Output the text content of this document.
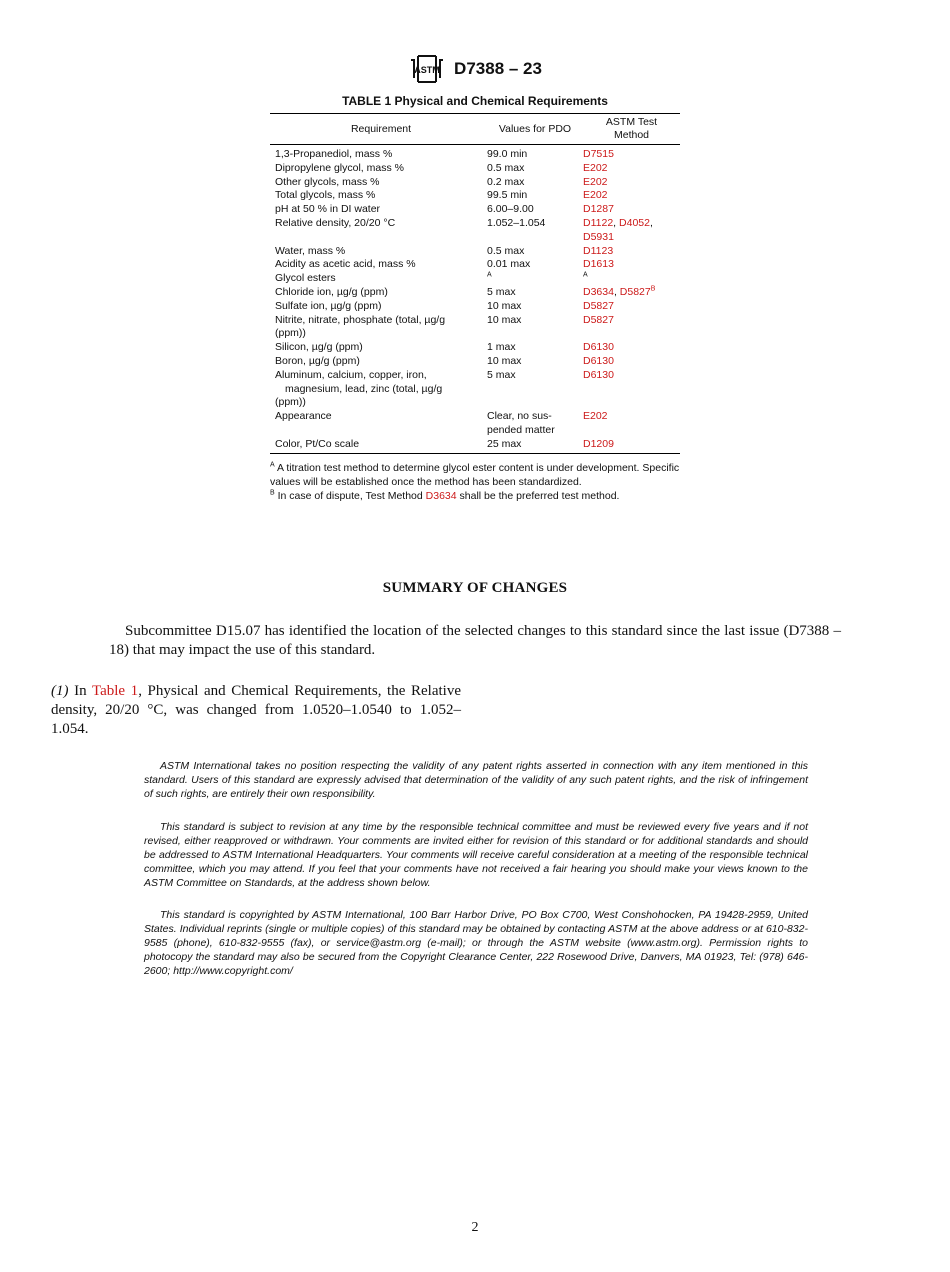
ASTM D7388 – 23
TABLE 1 Physical and Chemical Requirements
Requirement	Values for PDO	ASTM Test
Method
1,3-Propanediol, mass %	99.0 min	D7515
Dipropylene glycol, mass %	0.5 max	E202
Other glycols, mass %	0.2 max	E202
Total glycols, mass %	99.5 min	E202
pH at 50 % in DI water	6.00–9.00	D1287
Relative density, 20/20 °C	1.052–1.054	D1122, D4052,
D5931
Water, mass %	0.5 max	D1123
Acidity as acetic acid, mass %	0.01 max	D1613
Glycol esters	$^A$	$^A$
Chloride ion, µg/g (ppm)	5 max	D3634, $D5827^B$
Sulfate ion, µg/g (ppm)	10 max	D5827
Nitrite, nitrate, phosphate (total, µg/g
(ppm))	10 max	D5827
Silicon, µg/g (ppm)	1 max	D6130
Boron, µg/g (ppm)	10 max	D6130
Aluminum, calcium, copper, iron,
magnesium, lead, zinc (total, µg/g
(ppm))	5 max	D6130
Appearance	Clear, no sus-
pended matter	E202
Color, Pt/Co scale	25 max	D1209
$^A$ A titration test method to determine glycol ester content is under development. Specific values will be established once the method has been standardized.
$^B$ In case of dispute, Test Method D3634 shall be the preferred test method.
SUMMARY OF CHANGES
Subcommittee D15.07 has identified the location of the selected changes to this standard since the last issue (D7388 – 18) that may impact the use of this standard.
(1) In Table 1, Physical and Chemical Requirements, the Relative density, 20/20 °C, was changed from 1.0520–1.0540 to 1.052–1.054.
ASTM International takes no position respecting the validity of any patent rights asserted in connection with any item mentioned in this standard. Users of this standard are expressly advised that determination of the validity of any such patent rights, and the risk of infringement of such rights, are entirely their own responsibility.
This standard is subject to revision at any time by the responsible technical committee and must be reviewed every five years and if not revised, either reapproved or withdrawn. Your comments are invited either for revision of this standard or for additional standards and should be addressed to ASTM International Headquarters. Your comments will receive careful consideration at a meeting of the responsible technical committee, which you may attend. If you feel that your comments have not received a fair hearing you should make your views known to the ASTM Committee on Standards, at the address shown below.
This standard is copyrighted by ASTM International, 100 Barr Harbor Drive, PO Box C700, West Conshohocken, PA 19428-2959, United States. Individual reprints (single or multiple copies) of this standard may be obtained by contacting ASTM at the above address or at 610-832-9585 (phone), 610-832-9555 (fax), or service@astm.org (e-mail); or through the ASTM website (www.astm.org). Permission rights to photocopy the standard may also be secured from the Copyright Clearance Center, 222 Rosewood Drive, Danvers, MA 01923, Tel: (978) 646-2600; http://www.copyright.com/
2
